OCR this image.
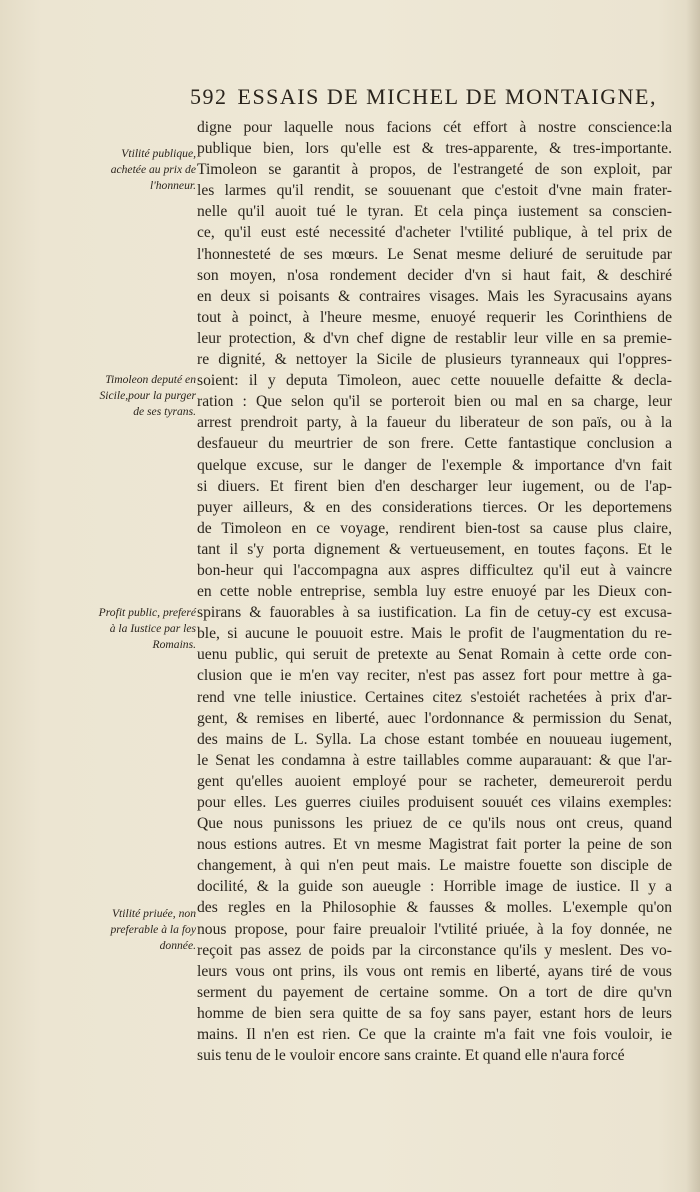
592 ESSAIS DE MICHEL DE MONTAIGNE,
Vtilité publique,
achetée au prix de
l'honneur.
Timoleon deputé en
Sicile,pour la purger
de ses tyrans.
Profit public, preferé
à la Iustice par les
Romains.
Vtilité priuée, non
preferable à la foy
donnée.
digne pour laquelle nous facions cét effort à nostre conscience:la
publique bien, lors qu'elle est & tres-apparente, & tres-importante.
Timoleon se garantit à propos, de l'estrangeté de son exploit, par
les larmes qu'il rendit, se souuenant que c'estoit d'vne main frater-
nelle qu'il auoit tué le tyran. Et cela pinça iustement sa conscien-
ce, qu'il eust esté necessité d'acheter l'vtilité publique, à tel prix de
l'honnesteté de ses mœurs. Le Senat mesme deliuré de seruitude par
son moyen, n'osa rondement decider d'vn si haut fait, & deschiré
en deux si poisants & contraires visages. Mais les Syracusains ayans
tout à poinct, à l'heure mesme, enuoyé requerir les Corinthiens de
leur protection, & d'vn chef digne de restablir leur ville en sa premie-
re dignité, & nettoyer la Sicile de plusieurs tyranneaux qui l'oppres-
soient: il y deputa Timoleon, auec cette nouuelle defaitte & decla-
ration : Que selon qu'il se porteroit bien ou mal en sa charge, leur
arrest prendroit party, à la faueur du liberateur de son païs, ou à la
desfaueur du meurtrier de son frere. Cette fantastique conclusion a
quelque excuse, sur le danger de l'exemple & importance d'vn fait
si diuers. Et firent bien d'en descharger leur iugement, ou de l'ap-
puyer ailleurs, & en des considerations tierces. Or les deportemens
de Timoleon en ce voyage, rendirent bien-tost sa cause plus claire,
tant il s'y porta dignement & vertueusement, en toutes façons. Et le
bon-heur qui l'accompagna aux aspres difficultez qu'il eut à vaincre
en cette noble entreprise, sembla luy estre enuoyé par les Dieux con-
spirans & fauorables à sa iustification. La fin de cetuy-cy est excusa-
ble, si aucune le pouuoit estre. Mais le profit de l'augmentation du re-
uenu public, qui seruit de pretexte au Senat Romain à cette orde con-
clusion que ie m'en vay reciter, n'est pas assez fort pour mettre à ga-
rend vne telle iniustice. Certaines citez s'estoiét rachetées à prix d'ar-
gent, & remises en liberté, auec l'ordonnance & permission du Senat,
des mains de L. Sylla. La chose estant tombée en nouueau iugement,
le Senat les condamna à estre taillables comme auparauant: & que l'ar-
gent qu'elles auoient employé pour se racheter, demeureroit perdu
pour elles. Les guerres ciuiles produisent souuét ces vilains exemples:
Que nous punissons les priuez de ce qu'ils nous ont creus, quand
nous estions autres. Et vn mesme Magistrat fait porter la peine de son
changement, à qui n'en peut mais. Le maistre fouette son disciple de
docilité, & la guide son aueugle : Horrible image de iustice. Il y a
des regles en la Philosophie & fausses & molles. L'exemple qu'on
nous propose, pour faire preualoir l'vtilité priuée, à la foy donnée, ne
reçoit pas assez de poids par la circonstance qu'ils y meslent. Des vo-
leurs vous ont prins, ils vous ont remis en liberté, ayans tiré de vous
serment du payement de certaine somme. On a tort de dire qu'vn
homme de bien sera quitte de sa foy sans payer, estant hors de leurs
mains. Il n'en est rien. Ce que la crainte m'a fait vne fois vouloir, ie
suis tenu de le vouloir encore sans crainte. Et quand elle n'aura forcé
